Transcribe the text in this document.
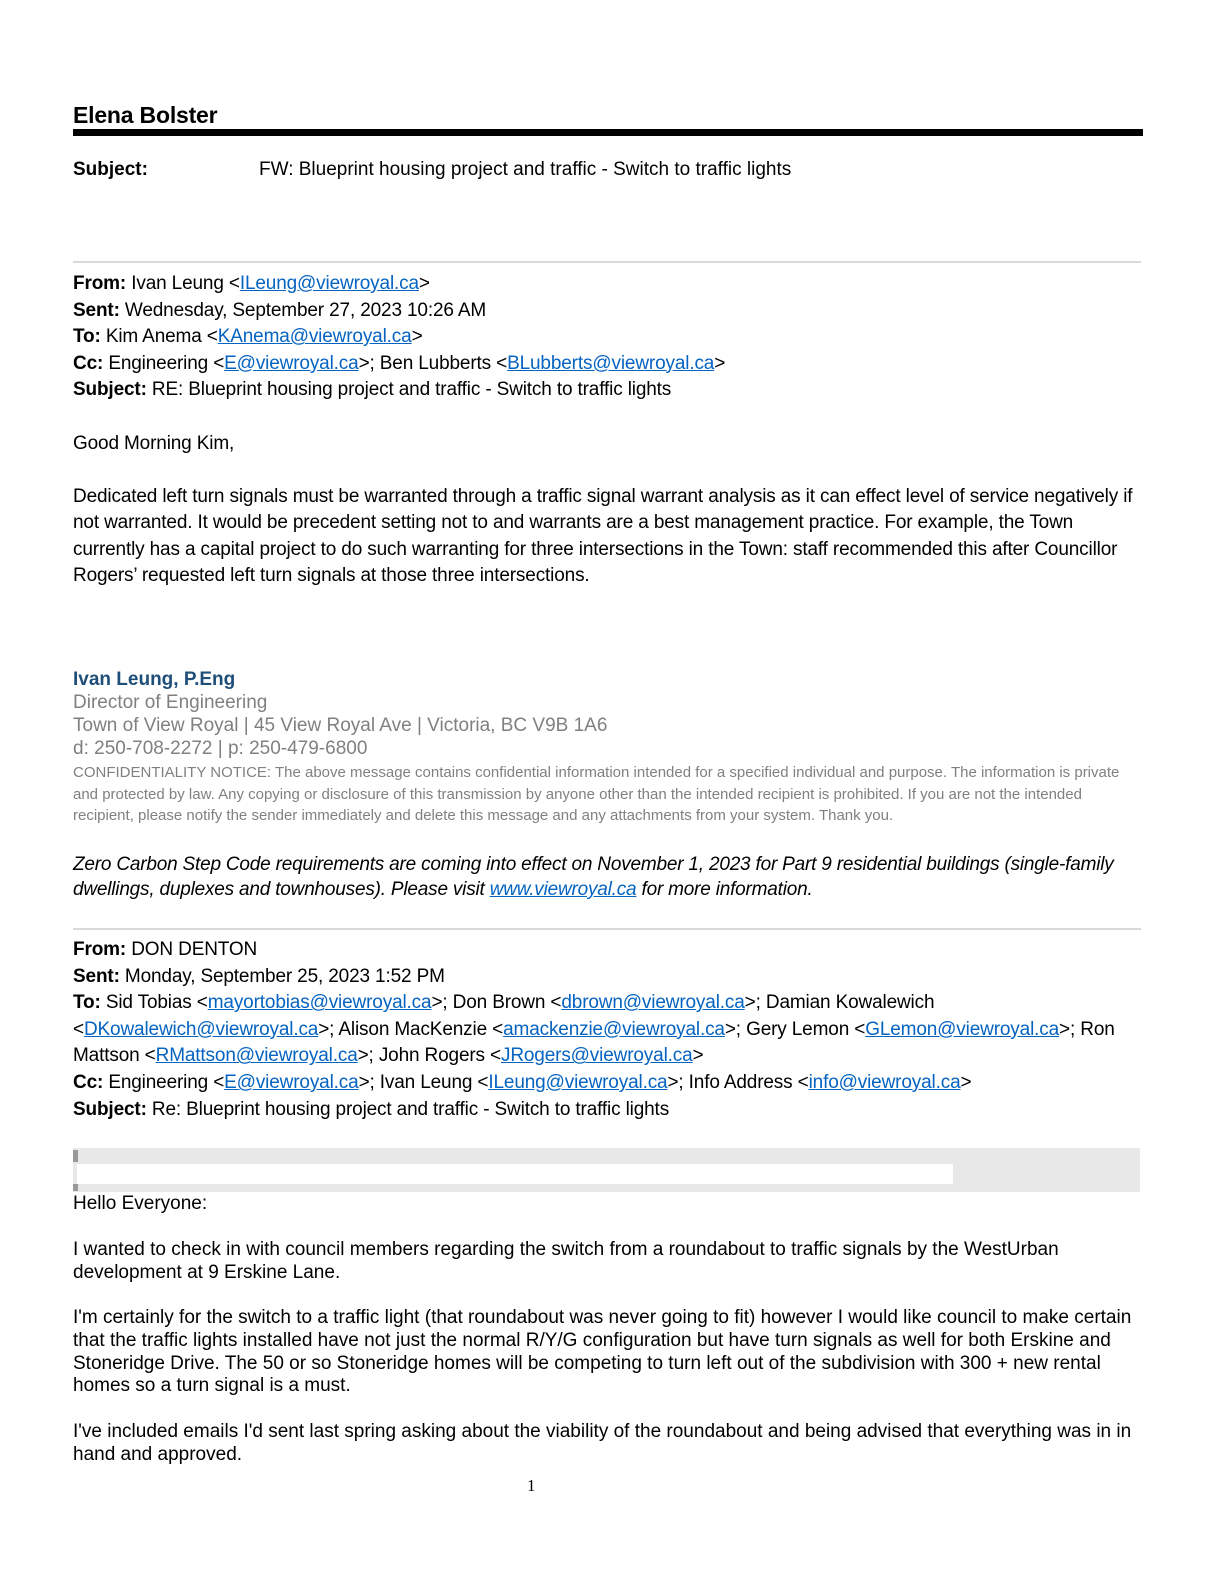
Elena Bolster
Subject:	FW: Blueprint housing project and traffic - Switch to traffic lights

From: Ivan Leung <ILeung@viewroyal.ca>

Sent: Wednesday, September 27, 2023 10:26 AM

To: Kim Anema <KAnema@viewroyal.ca>

Cc: Engineering <E@viewroyal.ca>; Ben Lubberts <BLubberts@viewroyal.ca>

Subject: RE: Blueprint housing project and traffic - Switch to traffic lights

Good Morning Kim,

Dedicated left turn signals must be warranted through a traffic signal warrant analysis as it can effect level of service negatively if not warranted. It would be precedent setting not to and warrants are a best management practice. For example, the Town currently has a capital project to do such warranting for three intersections in the Town: staff recommended this after Councillor Rogers’ requested left turn signals at those three intersections.

Ivan Leung, P.Eng
Director of Engineering
Town of View Royal | 45 View Royal Ave | Victoria, BC V9B 1A6
d: 250-708-2272 | p: 250-479-6800
CONFIDENTIALITY NOTICE: The above message contains confidential information intended for a specified individual and purpose. The information is private and protected by law. Any copying or disclosure of this transmission by anyone other than the intended recipient is prohibited. If you are not the intended recipient, please notify the sender immediately and delete this message and any attachments from your system. Thank you.
Zero Carbon Step Code requirements are coming into effect on November 1, 2023 for Part 9 residential buildings (single-family dwellings, duplexes and townhouses). Please visit www.viewroyal.ca for more information.

From: DON DENTON

Sent: Monday, September 25, 2023 1:52 PM

To: Sid Tobias <mayortobias@viewroyal.ca>; Don Brown <dbrown@viewroyal.ca>; Damian Kowalewich <DKowalewich@viewroyal.ca>; Alison MacKenzie <amackenzie@viewroyal.ca>; Gery Lemon <GLemon@viewroyal.ca>; Ron Mattson <RMattson@viewroyal.ca>; John Rogers <JRogers@viewroyal.ca>

Cc: Engineering <E@viewroyal.ca>; Ivan Leung <ILeung@viewroyal.ca>; Info Address <info@viewroyal.ca>

Subject: Re: Blueprint housing project and traffic - Switch to traffic lights

Hello Everyone:

I wanted to check in with council members regarding the switch from a roundabout to traffic signals by the WestUrban development at 9 Erskine Lane.

I'm certainly for the switch to a traffic light (that roundabout was never going to fit) however I would like council to make certain that the traffic lights installed have not just the normal R/Y/G configuration but have turn signals as well for both Erskine and Stoneridge Drive. The 50 or so Stoneridge homes will be competing to turn left out of the subdivision with 300 + new rental homes so a turn signal is a must.

I've included emails I'd sent last spring asking about the viability of the roundabout and being advised that everything was in in hand and approved.

1
